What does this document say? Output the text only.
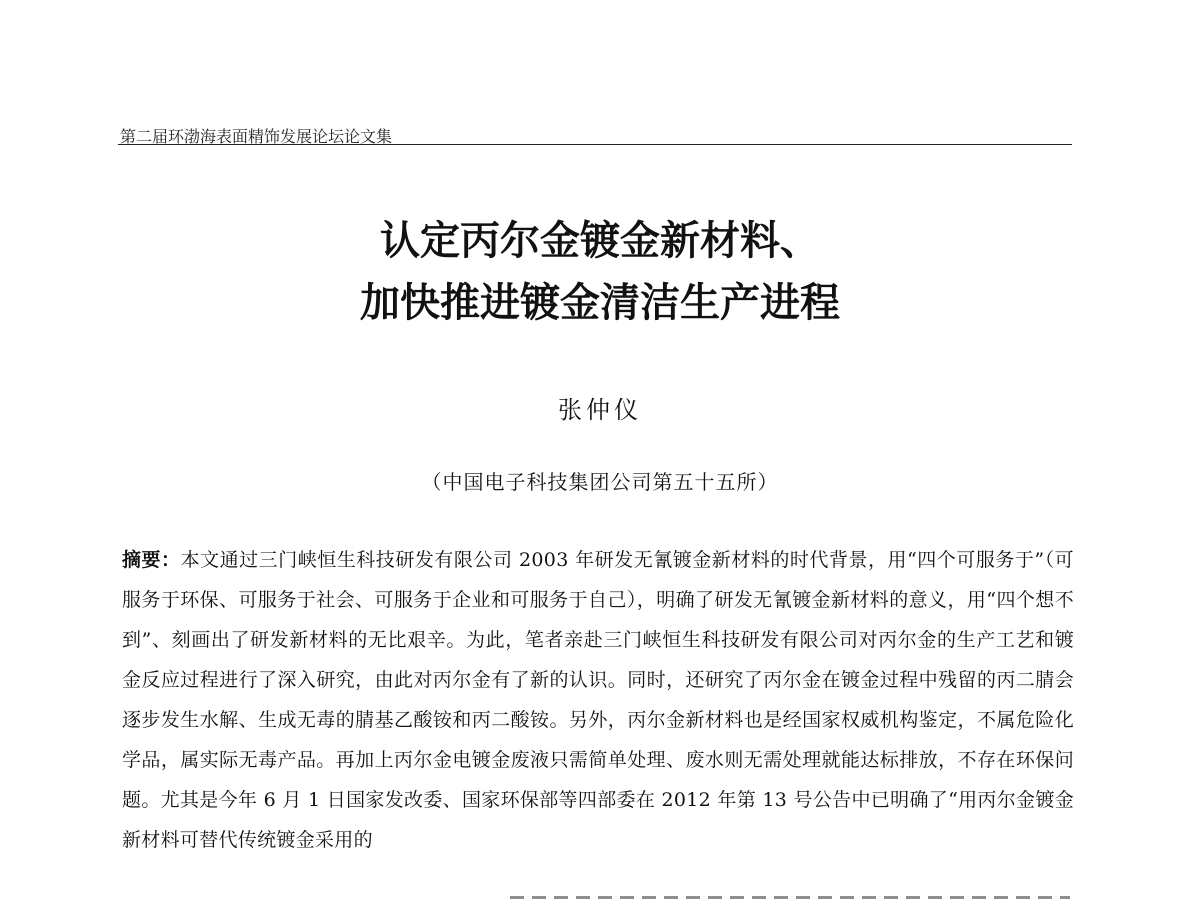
第二届环渤海表面精饰发展论坛论文集
认定丙尔金镀金新材料、
加快推进镀金清洁生产进程
张仲仪
（中国电子科技集团公司第五十五所）
摘要：本文通过三门峡恒生科技研发有限公司 2003 年研发无氰镀金新材料的时代背景，用“四个可服务于”（可服务于环保、可服务于社会、可服务于企业和可服务于自己），明确了研发无氰镀金新材料的意义，用“四个想不到”、刻画出了研发新材料的无比艰辛。为此，笔者亲赴三门峡恒生科技研发有限公司对丙尔金的生产工艺和镀金反应过程进行了深入研究，由此对丙尔金有了新的认识。同时，还研究了丙尔金在镀金过程中残留的丙二腈会逐步发生水解、生成无毒的腈基乙酸铵和丙二酸铵。另外，丙尔金新材料也是经国家权威机构鉴定，不属危险化学品，属实际无毒产品。再加上丙尔金电镀金废液只需简单处理、废水则无需处理就能达标排放，不存在环保问题。尤其是今年 6 月 1 日国家发改委、国家环保部等四部委在 2012 年第 13 号公告中已明确了“用丙尔金镀金新材料可替代传统镀金采用的
